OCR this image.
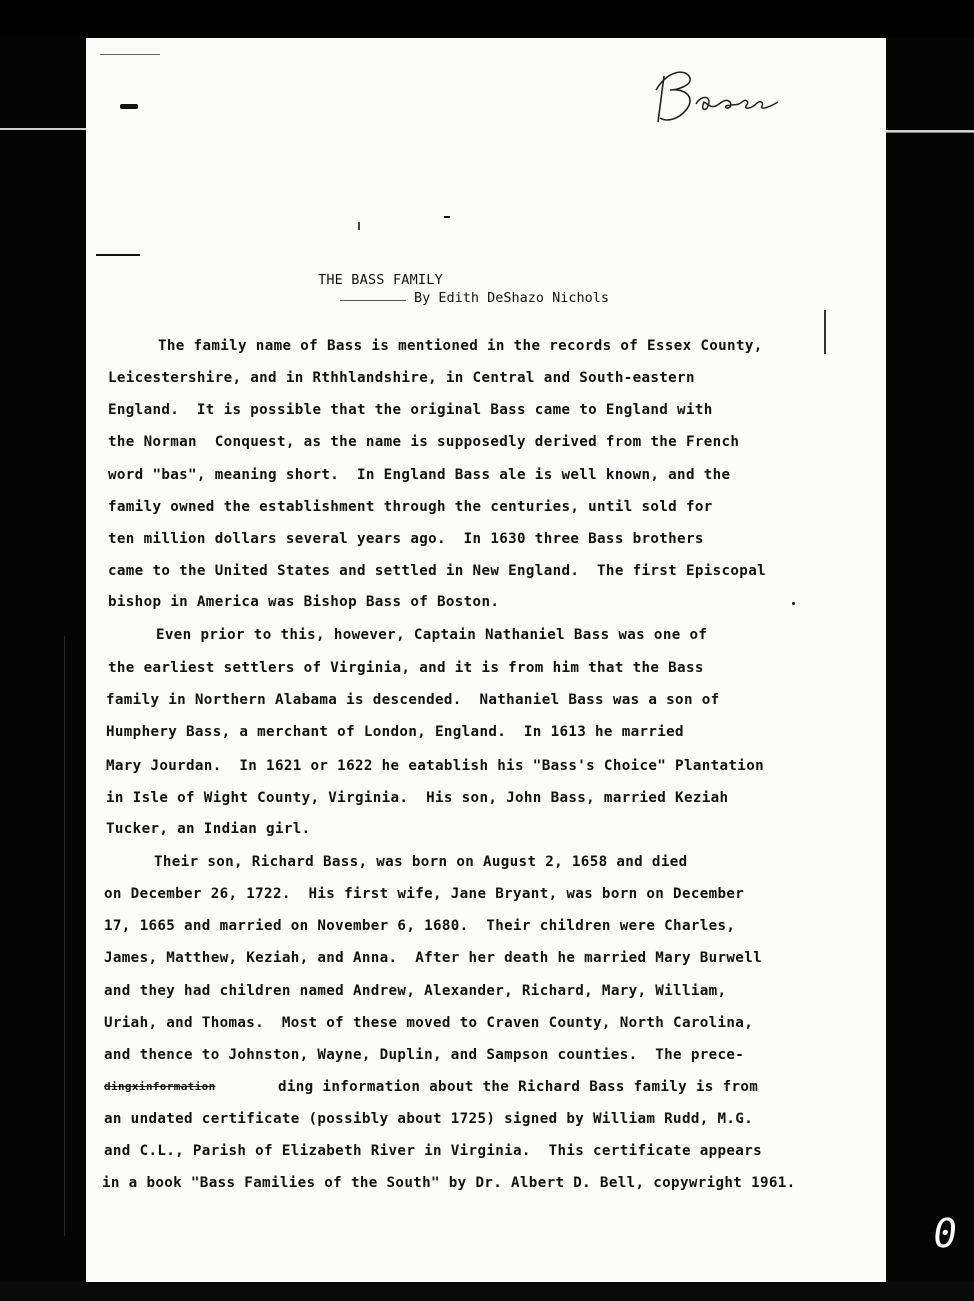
THE BASS FAMILY
By Edith DeShazo Nichols
The family name of Bass is mentioned in the records of Essex County,
Leicestershire, and in Rthhlandshire, in Central and South-eastern
England.  It is possible that the original Bass came to England with
the Norman  Conquest, as the name is supposedly derived from the French
word "bas", meaning short.  In England Bass ale is well known, and the
family owned the establishment through the centuries, until sold for
ten million dollars several years ago.  In 1630 three Bass brothers
came to the United States and settled in New England.  The first Episcopal
bishop in America was Bishop Bass of Boston.
Even prior to this, however, Captain Nathaniel Bass was one of
the earliest settlers of Virginia, and it is from him that the Bass
family in Northern Alabama is descended.  Nathaniel Bass was a son of
Humphery Bass, a merchant of London, England.  In 1613 he married
Mary Jourdan.  In 1621 or 1622 he eatablish his "Bass's Choice" Plantation
in Isle of Wight County, Virginia.  His son, John Bass, married Keziah
Tucker, an Indian girl.
Their son, Richard Bass, was born on August 2, 1658 and died
on December 26, 1722.  His first wife, Jane Bryant, was born on December
17, 1665 and married on November 6, 1680.  Their children were Charles,
James, Matthew, Keziah, and Anna.  After her death he married Mary Burwell
and they had children named Andrew, Alexander, Richard, Mary, William,
Uriah, and Thomas.  Most of these moved to Craven County, North Carolina,
and thence to Johnston, Wayne, Duplin, and Sampson counties.  The prece-
dingxinformation	ding information about the Richard Bass family is from
an undated certificate (possibly about 1725) signed by William Rudd, M.G.
and C.L., Parish of Elizabeth River in Virginia.  This certificate appears
in a book "Bass Families of the South" by Dr. Albert D. Bell, copywright 1961.
0
